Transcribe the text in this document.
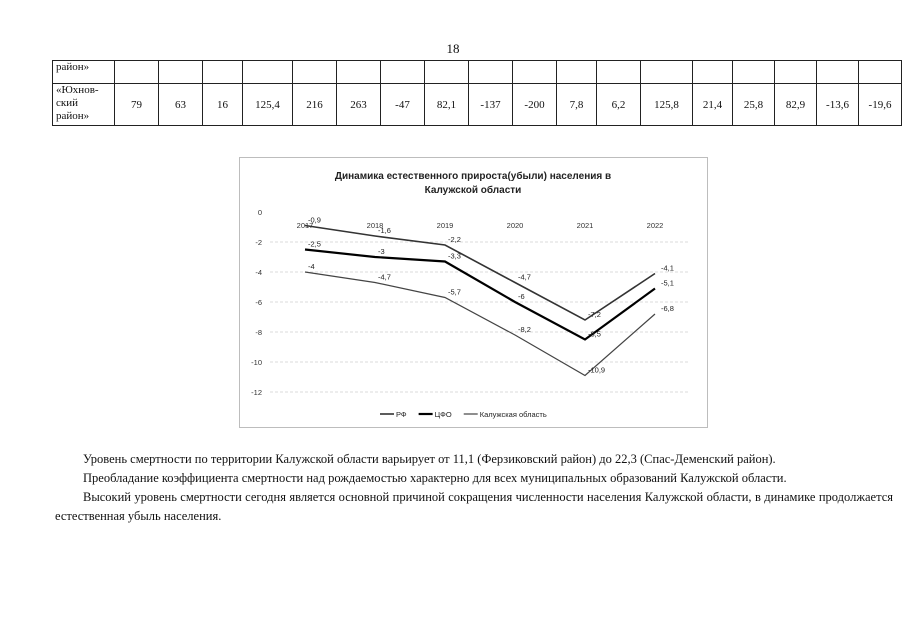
18
район»																		

«Юхнов-
ский
район»	79	63	16	125,4	216	263	-47	82,1	-137	-200	7,8	6,2	125,8	21,4	25,8	82,9	-13,6	-19,6
Динамика естественного прироста(убыли) населения в
Калужской области
0
-2
-4
-6
-8
-10
-12
2017	2018	2019	2020	2021	2022
-0,9
-1,6
-2,2
-4,7
-7,2
-4,1
-2,5
-3	-3,3
-6
-8,5
-5,1
-4
-4,7
-5,7
-8,2
-10,9
-6,8
РФ	ЦФО	Калужская область

Уровень смертности по территории Калужской области варьирует от 11,1 (Ферзиковский район) до 22,3 (Спас-Деменский район).

Преобладание коэффициента смертности над рождаемостью характерно для всех муниципальных образований Калужской области.

Высокий уровень смертности сегодня является основной причиной сокращения численности населения Калужской области, в динамике продолжается естественная убыль населения.
